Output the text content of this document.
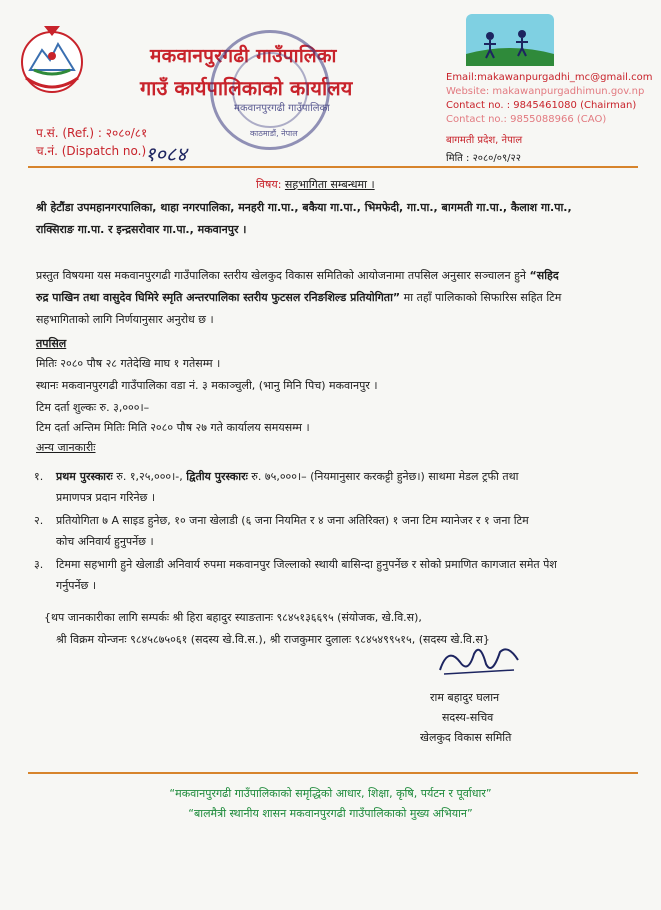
मकवानपुरगढी गाउँपालिका
गाउँ कार्यपालिकाको कार्यालय
मकवानपुरगढी गाउँपालिका
काठमाडौं, नेपाल
प.सं. (Ref.) : २०८०/८१
च.नं. (Dispatch no.) :
१०८४
Email:makawanpurgadhi_mc@gmail.com
Website: makawanpurgadhimun.gov.np
Contact no. : 9845461080 (Chairman)
Contact no.: 9855088966 (CAO)
बागमती प्रदेश, नेपाल
मिति : २०८०/०९/२२
विषय: सहभागिता सम्बन्धमा ।
श्री हेटौंडा उपमहानगरपालिका, थाहा नगरपालिका, मनहरी गा.पा., बकैया गा.पा., भिमफेदी, गा.पा., बागमती गा.पा., कैलाश गा.पा.,
राक्सिराङ गा.पा. र इन्द्रसरोवार गा.पा., मकवानपुर ।
प्रस्तुत विषयमा यस मकवानपुरगढी गाउँपालिका स्तरीय खेलकुद विकास समितिको आयोजनामा तपसिल अनुसार सञ्चालन हुने “सहिद
रुद्र पाखिन तथा वासुदेव घिमिरे स्मृति अन्तरपालिका स्तरीय फुटसल रनिङशिल्ड प्रतियोगिता” मा तहाँ पालिकाको सिफारिस सहित टिम
सहभागिताको लागि निर्णयानुसार अनुरोध छ ।
तपसिल
मितिः २०८० पौष २८ गतेदेखि माघ १ गतेसम्म ।
स्थानः मकवानपुरगढी गाउँपालिका वडा नं. ३ मकाञ्चुली, (भानु मिनि पिच) मकवानपुर ।
टिम दर्ता शुल्कः रु. ३,०००।–
टिम दर्ता अन्तिम मितिः मिति २०८० पौष २७ गते कार्यालय समयसम्म ।
अन्य जानकारीः
१. प्रथम पुरस्कारः रु. १,२५,०००।-, द्वितीय पुरस्कारः रु. ७५,०००।– (नियमानुसार करकट्टी हुनेछ।) साथमा मेडल ट्रफी तथा
प्रमाणपत्र प्रदान गरिनेछ ।
२. प्रतियोगिता ७ A साइड हुनेछ, १० जना खेलाडी (६ जना नियमित र ४ जना अतिरिक्त) १ जना टिम म्यानेजर र १ जना टिम
कोच अनिवार्य हुनुपर्नेछ ।
३. टिममा सहभागी हुने खेलाडी अनिवार्य रुपमा मकवानपुर जिल्लाको स्थायी बासिन्दा हुनुपर्नेछ र सोको प्रमाणित कागजात समेत पेश
गर्नुपर्नेछ ।
{थप जानकारीका लागि सम्पर्कः श्री हिरा बहादुर स्याङतानः ९८४५१३६६९५ (संयोजक, खे.वि.स),
श्री विक्रम योन्जनः ९८४५८७५०६१ (सदस्य खे.वि.स.), श्री राजकुमार दुलालः ९८४५४९९५१५, (सदस्य खे.वि.स}
राम बहादुर घलान
सदस्य-सचिव
खेलकुद विकास समिति
“मकवानपुरगढी गाउँपालिकाको समृद्धिको आधार, शिक्षा, कृषि, पर्यटन र पूर्वाधार”
“बालमैत्री स्थानीय शासन मकवानपुरगढी गाउँपालिकाको मुख्य अभियान”
